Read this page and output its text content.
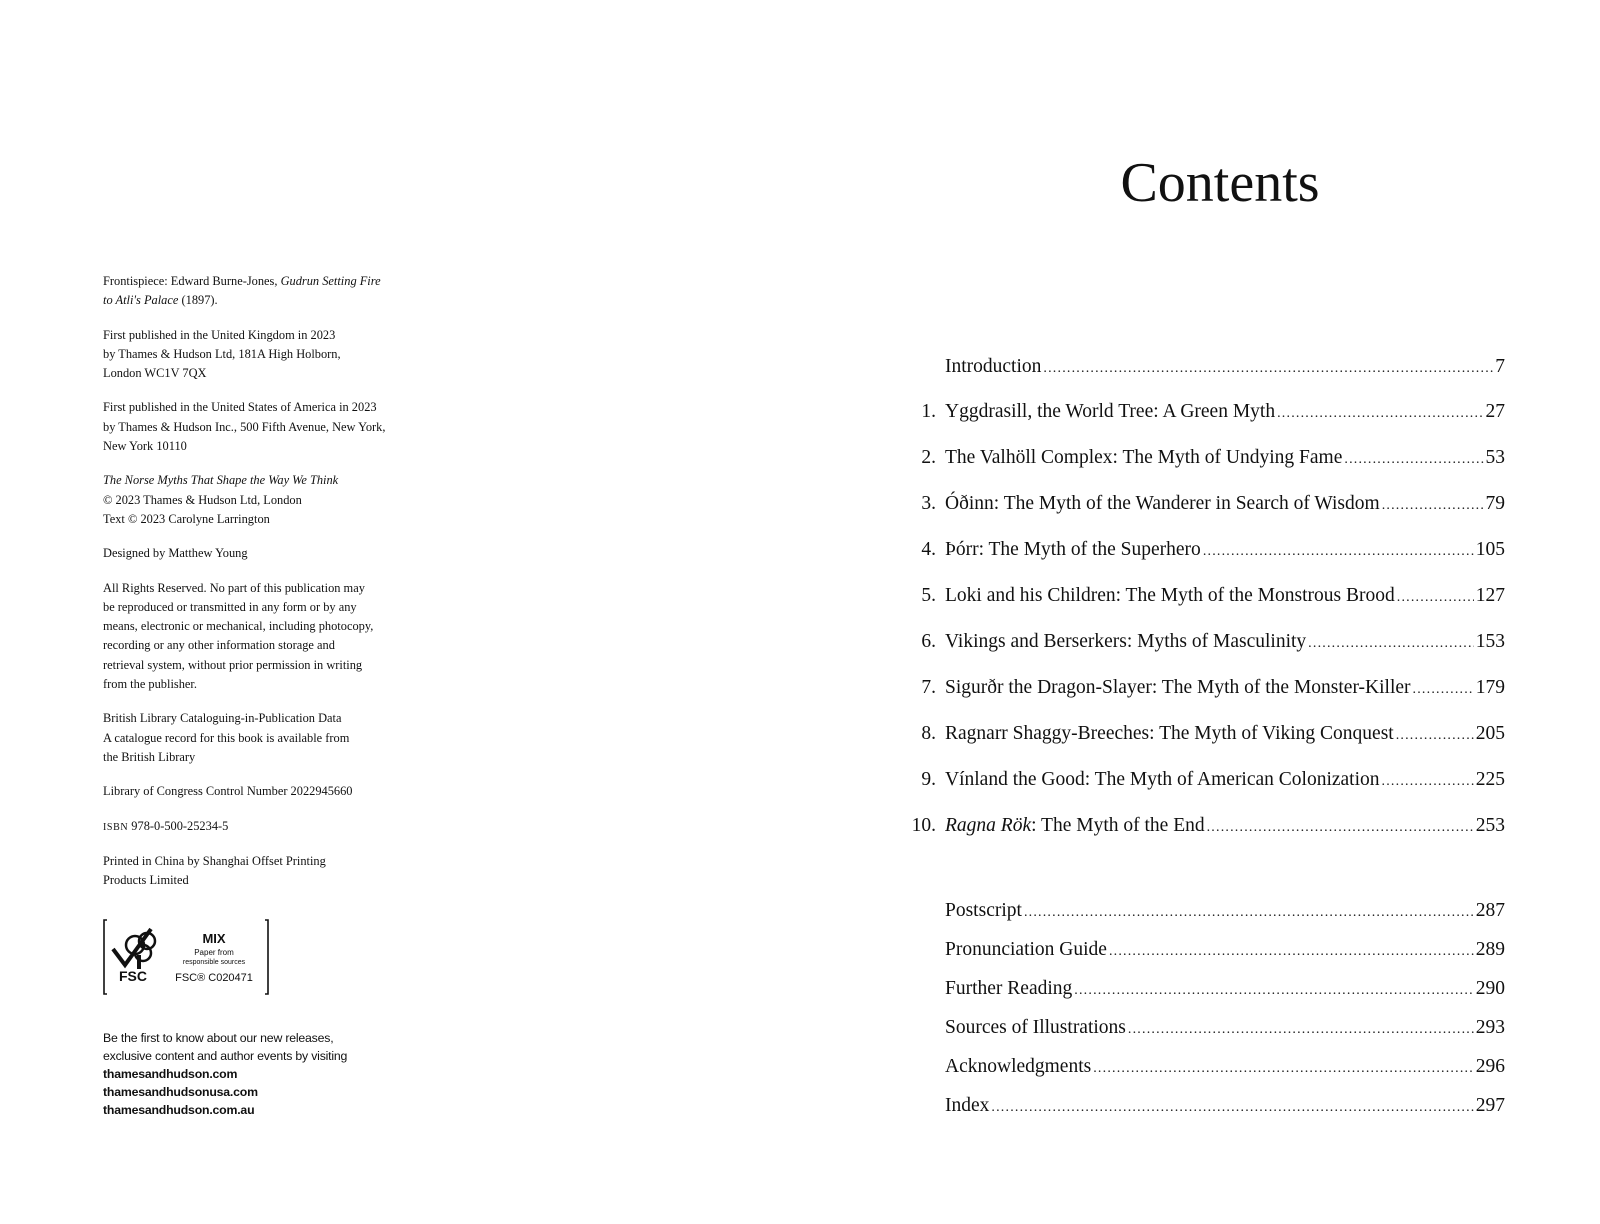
Frontispiece: Edward Burne-Jones, Gudrun Setting Fire
to Atli's Palace (1897).

First published in the United Kingdom in 2023
by Thames & Hudson Ltd, 181A High Holborn,
London WC1V 7QX

First published in the United States of America in 2023
by Thames & Hudson Inc., 500 Fifth Avenue, New York,
New York 10110

The Norse Myths That Shape the Way We Think
© 2023 Thames & Hudson Ltd, London
Text © 2023 Carolyne Larrington

Designed by Matthew Young

All Rights Reserved. No part of this publication may
be reproduced or transmitted in any form or by any
means, electronic or mechanical, including photocopy,
recording or any other information storage and
retrieval system, without prior permission in writing
from the publisher.

British Library Cataloguing-in-Publication Data
A catalogue record for this book is available from
the British Library

Library of Congress Control Number 2022945660

ISBN 978-0-500-25234-5

Printed in China by Shanghai Offset Printing
Products Limited

FSC
MIX
Paper from
responsible sources
FSC® C020471
Be the first to know about our new releases,
exclusive content and author events by visiting
thamesandhudson.com
thamesandhudsonusa.com
thamesandhudson.com.au
Contents
Introduction .....	7
1. Yggdrasill, the World Tree: A Green Myth .....	27
2. The Valhöll Complex: The Myth of Undying Fame .....	53
3. Óðinn: The Myth of the Wanderer in Search of Wisdom .....	79
4. Þórr: The Myth of the Superhero .....	105
5. Loki and his Children: The Myth of the Monstrous Brood .....	127
6. Vikings and Berserkers: Myths of Masculinity .....	153
7. Sigurðr the Dragon-Slayer: The Myth of the Monster-Killer .....	179
8. Ragnarr Shaggy-Breeches: The Myth of Viking Conquest .....	205
9. Vínland the Good: The Myth of American Colonization .....	225
10. Ragna Rök: The Myth of the End .....	253
Postscript .....	287
Pronunciation Guide .....	289
Further Reading .....	290
Sources of Illustrations .....	293
Acknowledgments .....	296
Index .....	297
